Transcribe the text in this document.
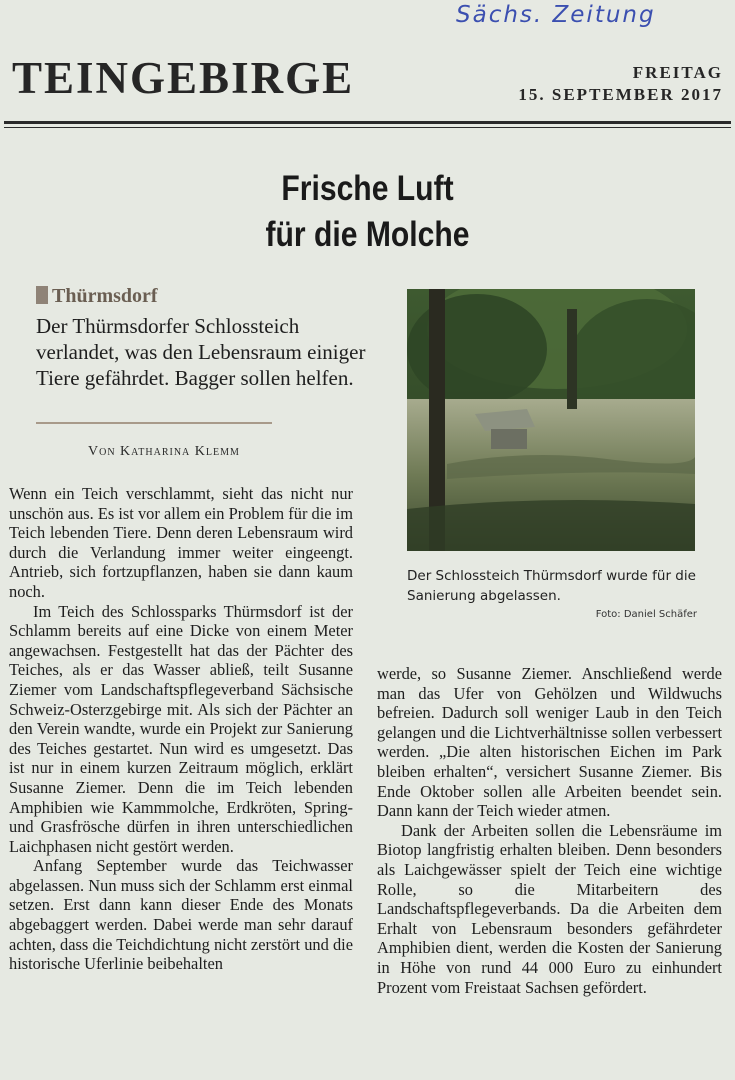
Sächs. Zeitung
TEINGEBIRGE	FREITAG
15. SEPTEMBER 2017
Frische Luft
für die Molche
Thürmsdorf
Der Thürmsdorfer Schlossteich verlandet, was den Lebensraum einiger Tiere gefährdet. Bagger sollen helfen.
Von Katharina Klemm
Der Schlossteich Thürmsdorf wurde für die Sanierung abgelassen.
Foto: Daniel Schäfer

Wenn ein Teich verschlammt, sieht das nicht nur unschön aus. Es ist vor allem ein Problem für die im Teich lebenden Tiere. Denn deren Lebensraum wird durch die Verlandung immer weiter eingeengt. Antrieb, sich fortzupflanzen, haben sie dann kaum noch.

Im Teich des Schlossparks Thürmsdorf ist der Schlamm bereits auf eine Dicke von einem Meter angewachsen. Festgestellt hat das der Pächter des Teiches, als er das Wasser abließ, teilt Susanne Ziemer vom Landschaftspflegeverband Sächsische Schweiz-Osterzgebirge mit. Als sich der Pächter an den Verein wandte, wurde ein Projekt zur Sanierung des Teiches gestartet. Nun wird es umgesetzt. Das ist nur in einem kurzen Zeitraum möglich, erklärt Susanne Ziemer. Denn die im Teich lebenden Amphibien wie Kammmolche, Erdkröten, Spring- und Grasfrösche dürfen in ihren unterschiedlichen Laichphasen nicht gestört werden.

Anfang September wurde das Teichwasser abgelassen. Nun muss sich der Schlamm erst einmal setzen. Erst dann kann dieser Ende des Monats abgebaggert werden. Dabei werde man sehr darauf achten, dass die Teichdichtung nicht zerstört und die historische Uferlinie beibehalten

werde, so Susanne Ziemer. Anschließend werde man das Ufer von Gehölzen und Wildwuchs befreien. Dadurch soll weniger Laub in den Teich gelangen und die Lichtverhältnisse sollen verbessert werden. „Die alten historischen Eichen im Park bleiben erhalten“, versichert Susanne Ziemer. Bis Ende Oktober sollen alle Arbeiten beendet sein. Dann kann der Teich wieder atmen.

Dank der Arbeiten sollen die Lebensräume im Biotop langfristig erhalten bleiben. Denn besonders als Laichgewässer spielt der Teich eine wichtige Rolle, so die Mitarbeitern des Landschaftspflegeverbands. Da die Arbeiten dem Erhalt von Lebensraum besonders gefährdeter Amphibien dient, werden die Kosten der Sanierung in Höhe von rund 44 000 Euro zu einhundert Prozent vom Freistaat Sachsen gefördert.
